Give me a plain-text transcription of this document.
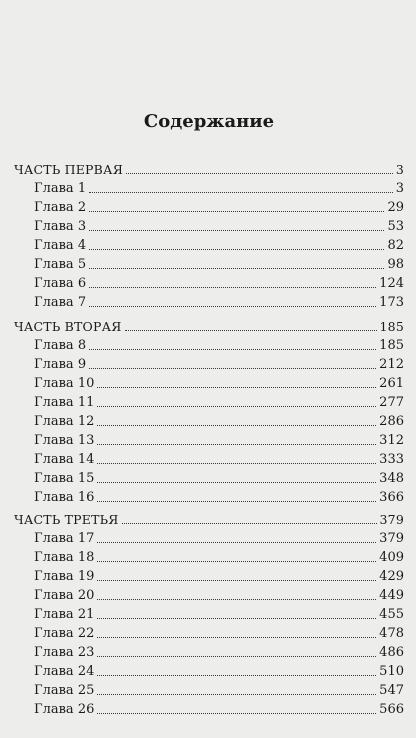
Содержание
ЧАСТЬ ПЕРВАЯ	3
Глава 1	3
Глава 2	29
Глава 3	53
Глава 4	82
Глава 5	98
Глава 6	124
Глава 7	173
ЧАСТЬ ВТОРАЯ	185
Глава 8	185
Глава 9	212
Глава 10	261
Глава 11	277
Глава 12	286
Глава 13	312
Глава 14	333
Глава 15	348
Глава 16	366
ЧАСТЬ ТРЕТЬЯ	379
Глава 17	379
Глава 18	409
Глава 19	429
Глава 20	449
Глава 21	455
Глава 22	478
Глава 23	486
Глава 24	510
Глава 25	547
Глава 26	566
